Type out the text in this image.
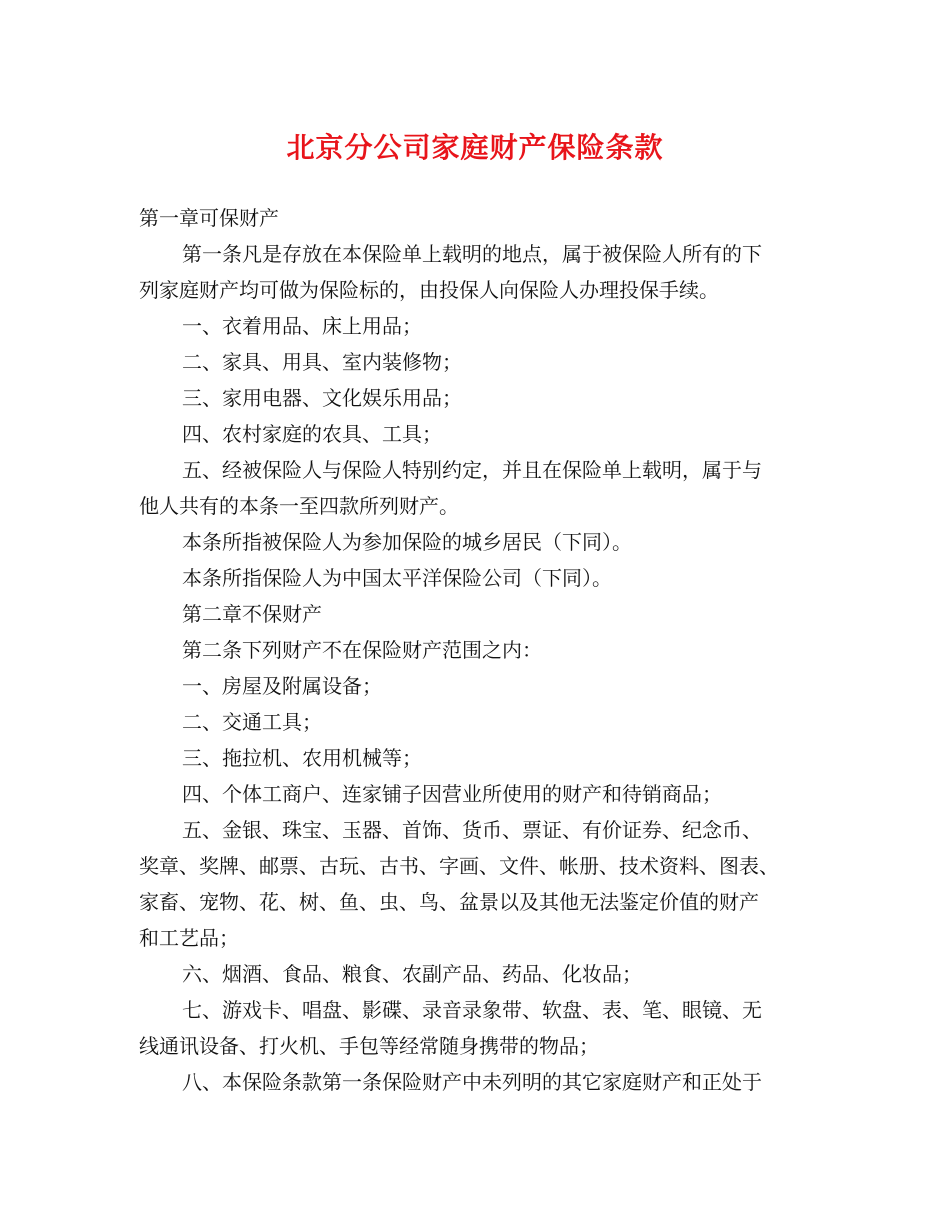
北京分公司家庭财产保险条款
第一章可保财产
第一条凡是存放在本保险单上载明的地点，属于被保险人所有的下
列家庭财产均可做为保险标的，由投保人向保险人办理投保手续。
一、衣着用品、床上用品；
二、家具、用具、室内装修物；
三、家用电器、文化娱乐用品；
四、农村家庭的农具、工具；
五、经被保险人与保险人特别约定，并且在保险单上载明，属于与
他人共有的本条一至四款所列财产。
本条所指被保险人为参加保险的城乡居民（下同）。
本条所指保险人为中国太平洋保险公司（下同）。
第二章不保财产
第二条下列财产不在保险财产范围之内：
一、房屋及附属设备；
二、交通工具；
三、拖拉机、农用机械等；
四、个体工商户、连家铺子因营业所使用的财产和待销商品；
五、金银、珠宝、玉器、首饰、货币、票证、有价证券、纪念币、
奖章、奖牌、邮票、古玩、古书、字画、文件、帐册、技术资料、图表、
家畜、宠物、花、树、鱼、虫、鸟、盆景以及其他无法鉴定价值的财产
和工艺品；
六、烟酒、食品、粮食、农副产品、药品、化妆品；
七、游戏卡、唱盘、影碟、录音录象带、软盘、表、笔、眼镜、无
线通讯设备、打火机、手包等经常随身携带的物品；
八、本保险条款第一条保险财产中未列明的其它家庭财产和正处于
